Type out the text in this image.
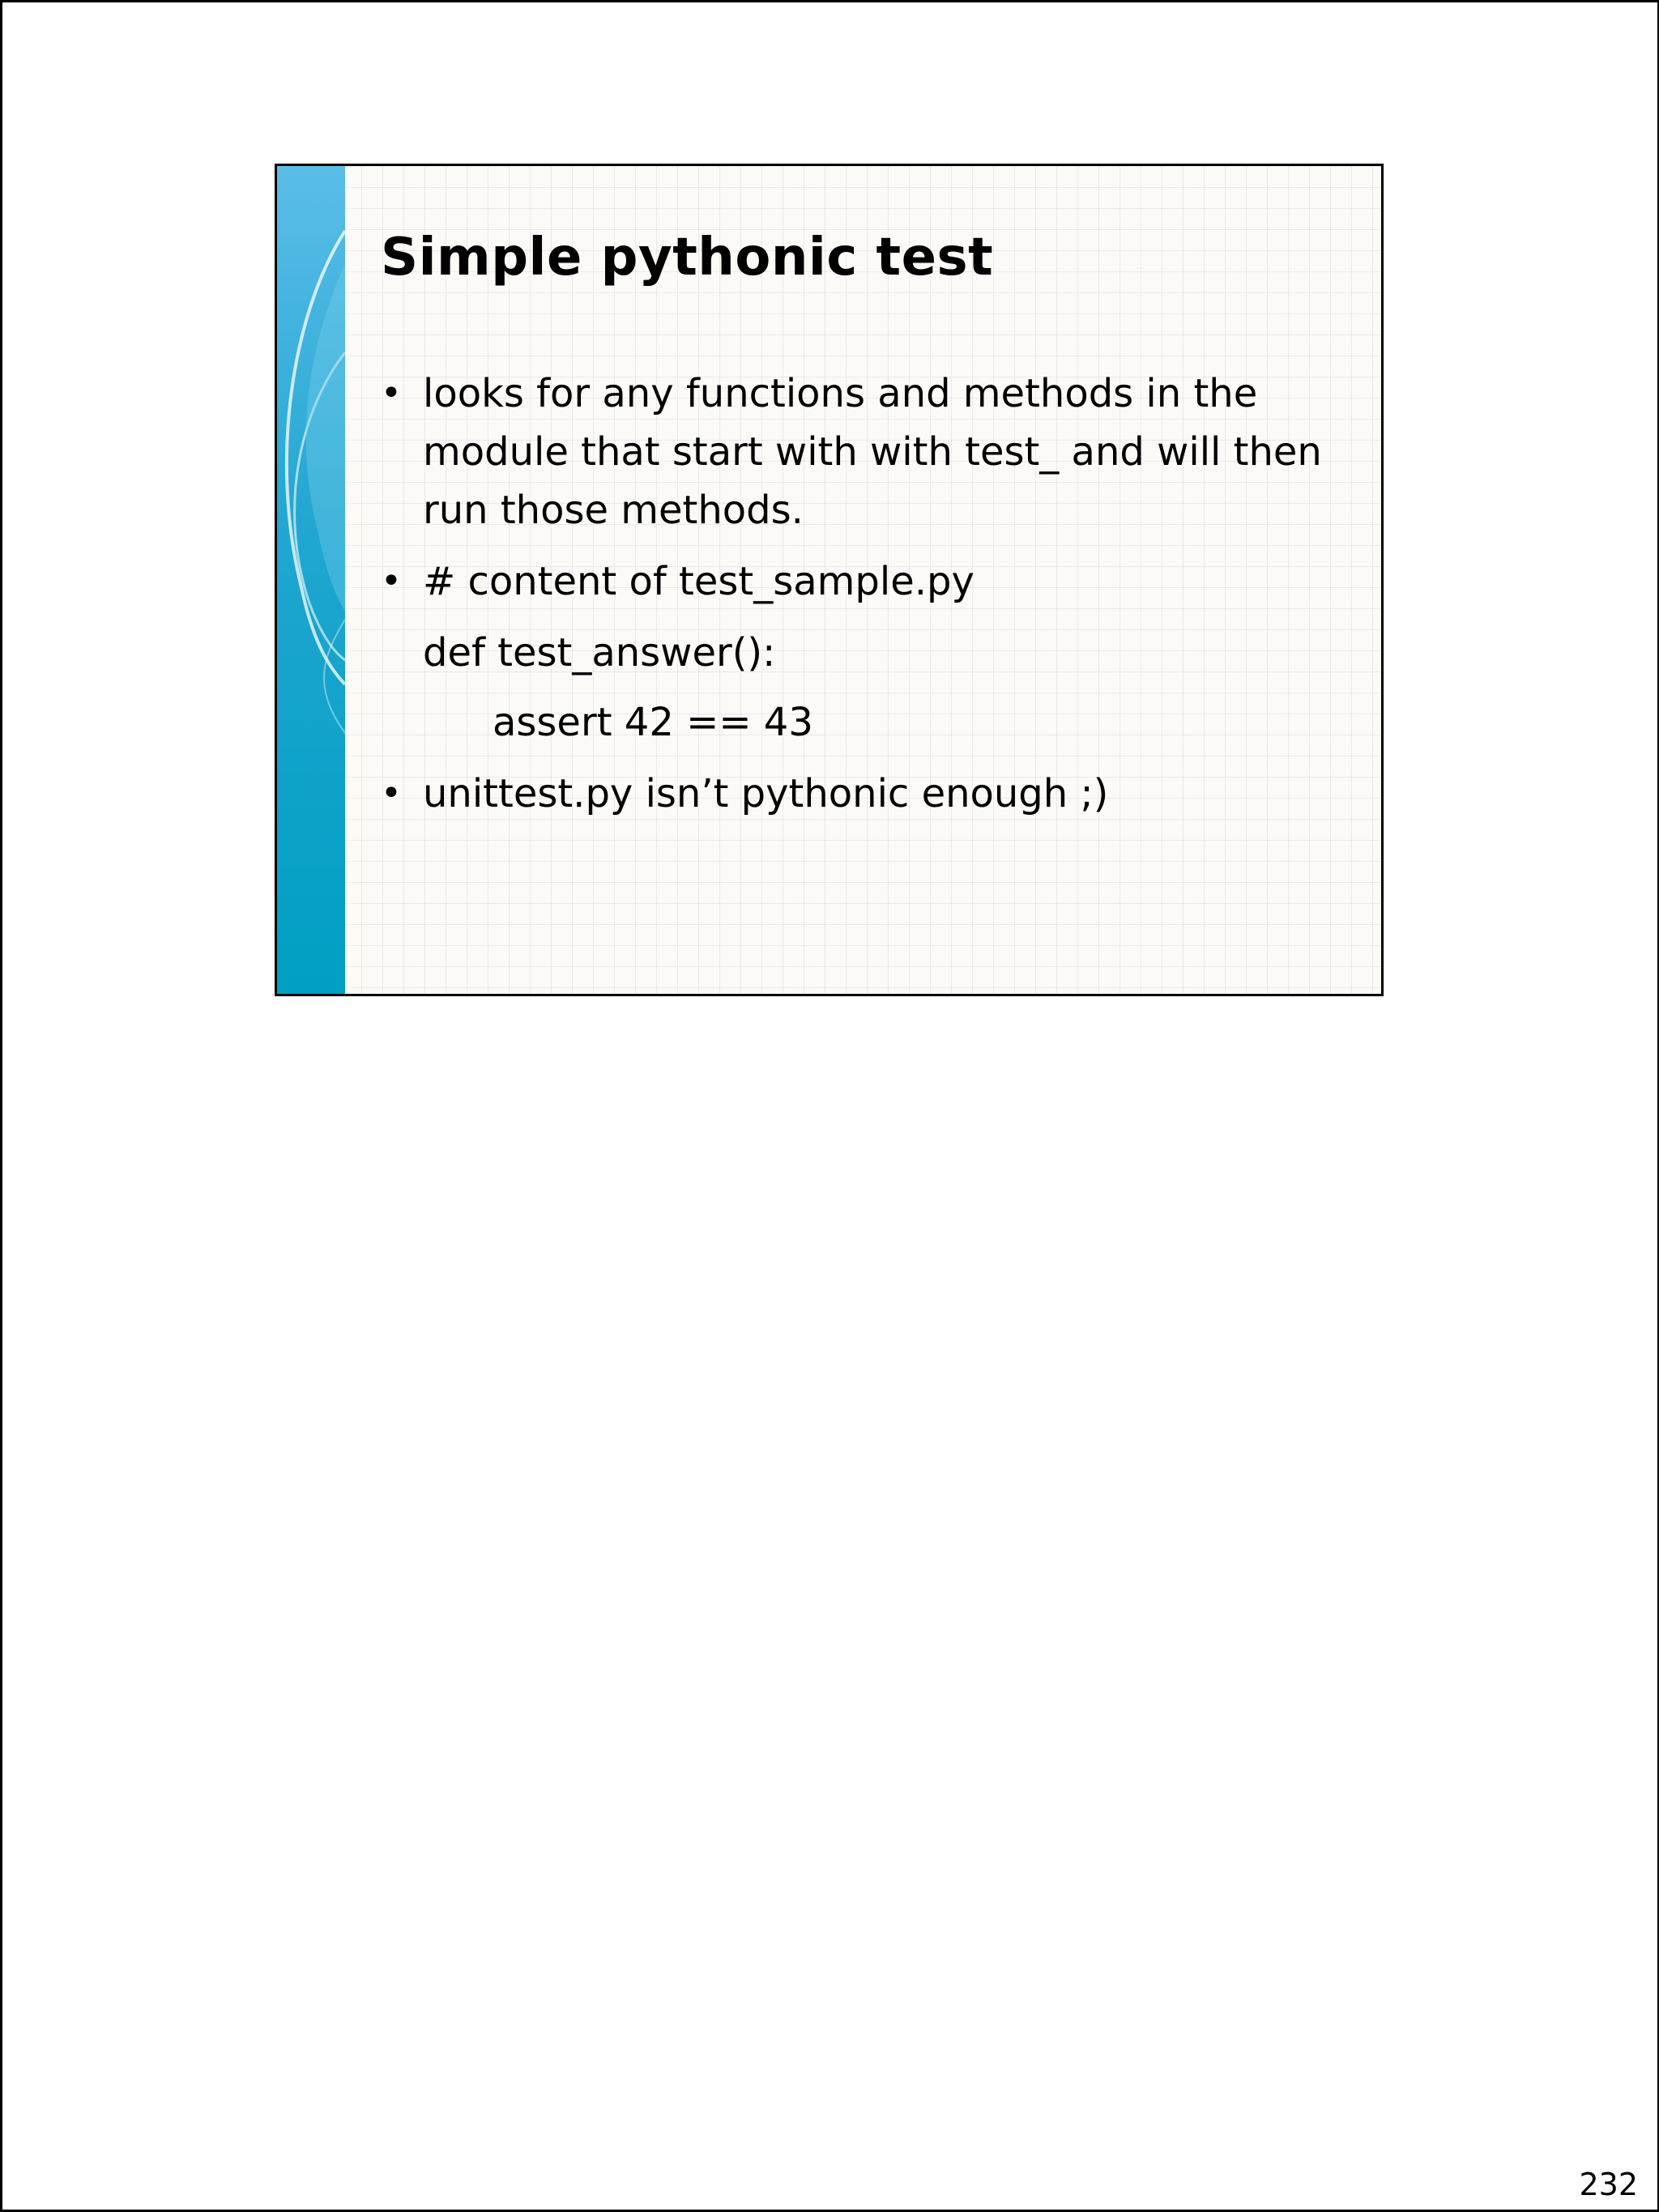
Simple pythonic test
• looks for any functions and methods in the module that start with with test_ and will then run those methods.
• # content of test_sample.py
def test_answer():
assert 42 == 43
• unittest.py isn’t pythonic enough ;)
232
